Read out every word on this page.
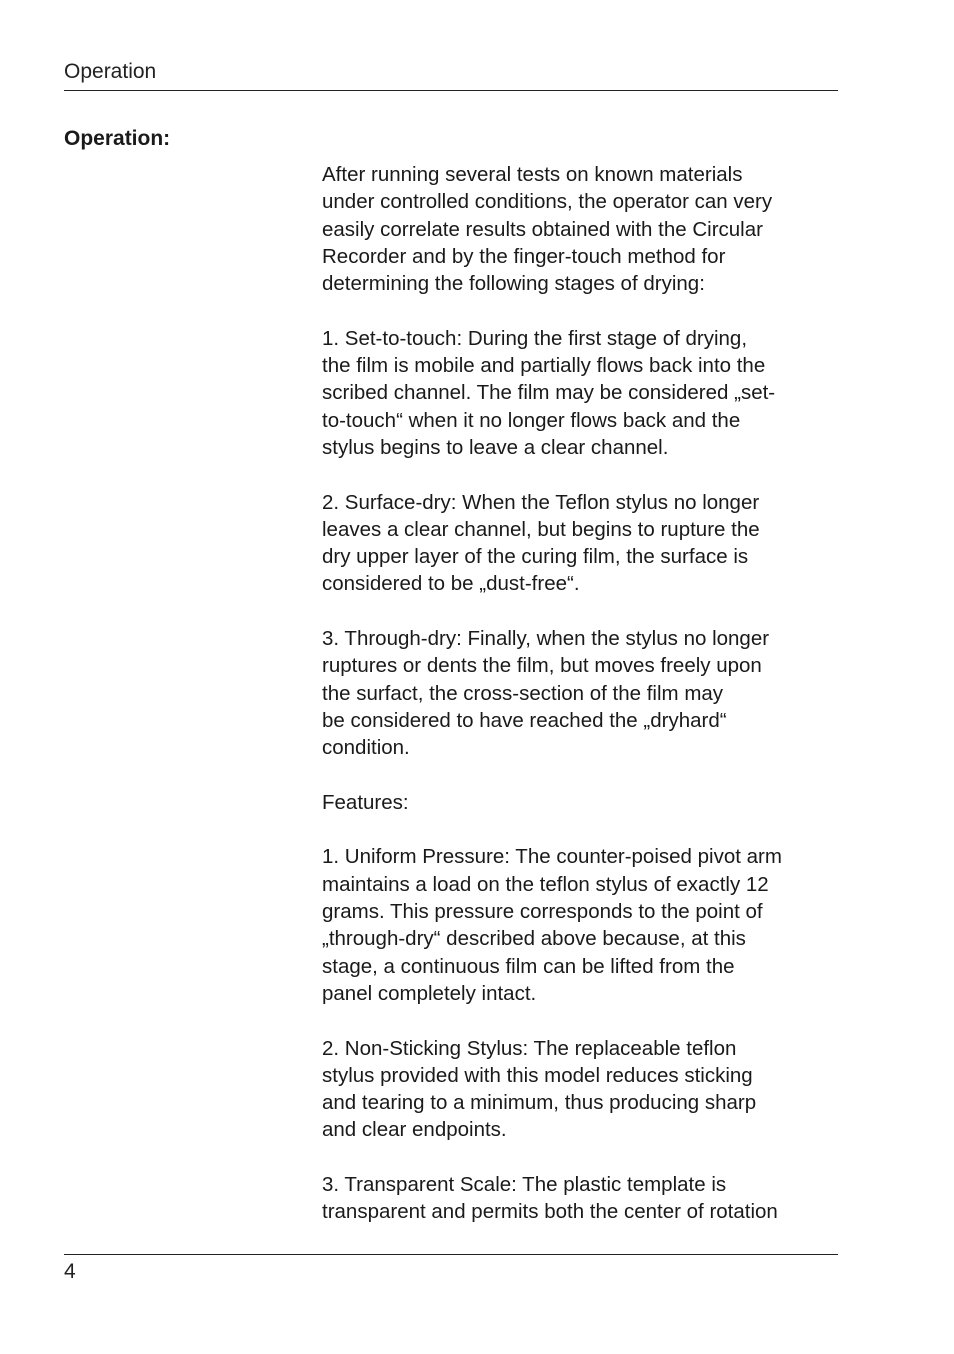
Operation
Operation:

After running several tests on known materials
under controlled conditions, the operator can very
easily correlate results obtained with the Circular
Recorder and by the finger-touch method for
determining the following stages of drying:

1. Set-to-touch: During the first stage of drying,
the film is mobile and partially flows back into the
scribed channel. The film may be considered „set-
to-touch“ when it no longer flows back and the
stylus begins to leave a clear channel.

2. Surface-dry: When the Teflon stylus no longer
leaves a clear channel, but begins to rupture the
dry upper layer of the curing film, the surface is
considered to be „dust-free“.

3. Through-dry: Finally, when the stylus no longer
ruptures or dents the film, but moves freely upon
the surfact, the cross-section of the film may
be considered to have reached the „dryhard“
condition.

Features:

1. Uniform Pressure: The counter-poised pivot arm
maintains a load on the teflon stylus of exactly 12
grams. This pressure corresponds to the point of
„through-dry“ described above because, at this
stage, a continuous film can be lifted from the
panel completely intact.

2. Non-Sticking Stylus: The replaceable teflon
stylus provided with this model reduces sticking
and tearing to a minimum, thus producing sharp
and clear endpoints.

3. Transparent Scale: The plastic template is
transparent and permits both the center of rotation

4
